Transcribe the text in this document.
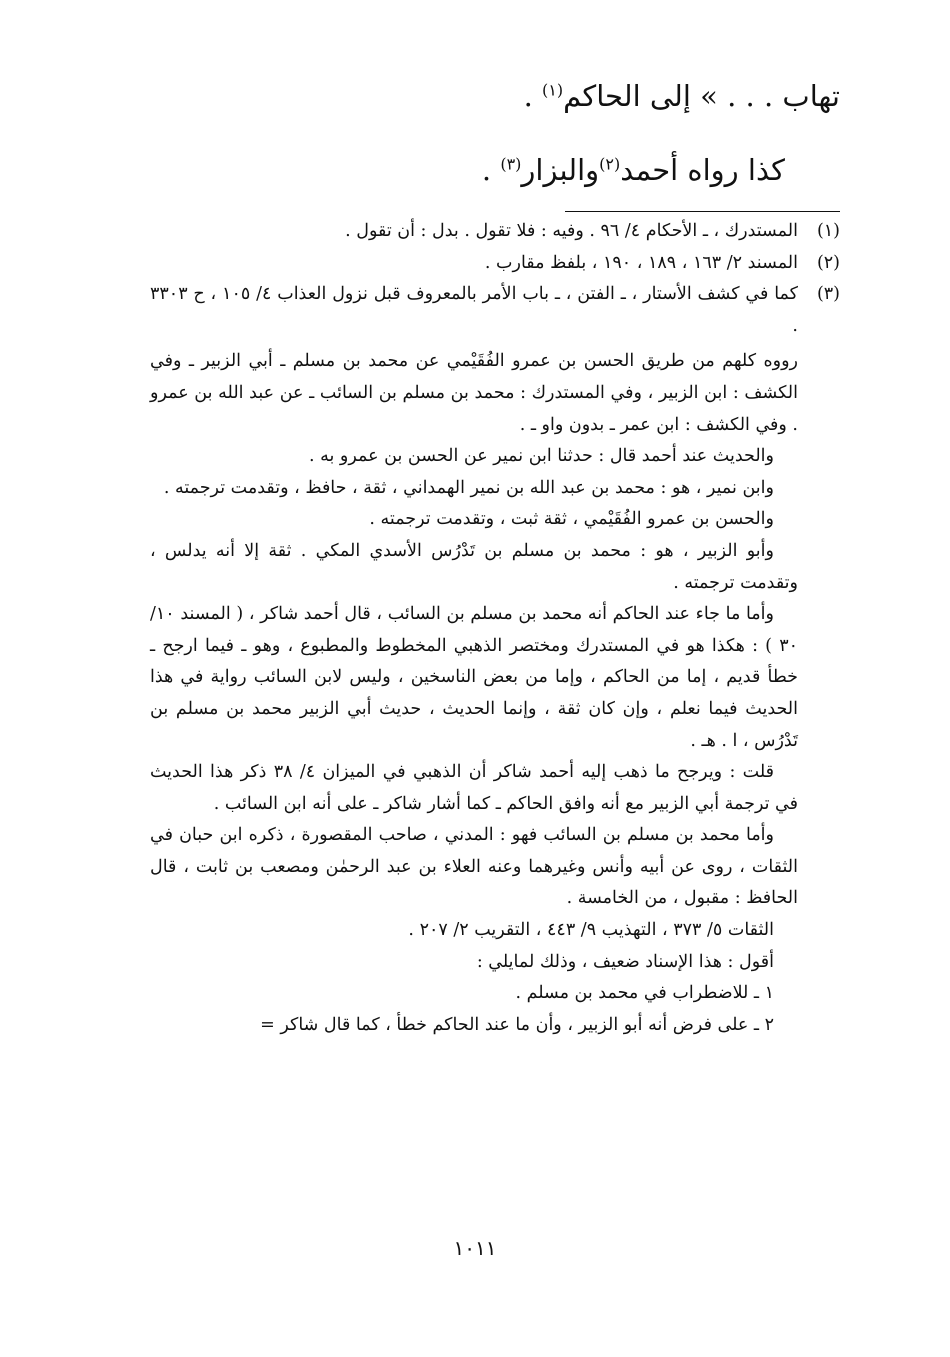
تهاب . . . » إلى الحاكم$^{(١)}$ .
كذا رواه أحمد$^{(٢)}$والبزار$^{(٣)}$ .
(١)
المستدرك ، ـ الأحكام ٤/ ٩٦ . وفيه : فلا تقول . بدل : أن تقول .
(٢)
المسند ٢/ ١٦٣ ، ١٨٩ ، ١٩٠ ، بلفظ مقارب .
(٣)
كما في كشف الأستار ، ـ الفتن ، ـ باب الأمر بالمعروف قبل نزول العذاب ٤/ ١٠٥ ، ح ٣٣٠٣ .

رووه كلهم من طريق الحسن بن عمرو الفُقَيْمي عن محمد بن مسلم ـ أبي الزبير ـ وفي الكشف : ابن الزبير ، وفي المستدرك : محمد بن مسلم بن السائب ـ عن عبد الله بن عمرو . وفي الكشف : ابن عمر ـ بدون واو ـ .

والحديث عند أحمد قال : حدثنا ابن نمير عن الحسن بن عمرو به .

وابن نمير ، هو : محمد بن عبد الله بن نمير الهمداني ، ثقة ، حافظ ، وتقدمت ترجمته .

والحسن بن عمرو الفُقَيْمي ، ثقة ثبت ، وتقدمت ترجمته .

وأبو الزبير ، هو : محمد بن مسلم بن تَدْرُس الأسدي المكي . ثقة إلا أنه يدلس ، وتقدمت ترجمته .

وأما ما جاء عند الحاكم أنه محمد بن مسلم بن السائب ، قال أحمد شاكر ، ( المسند ١٠/ ٣٠ ) : هكذا هو في المستدرك ومختصر الذهبي المخطوط والمطبوع ، وهو ـ فيما ارجح ـ خطأ قديم ، إما من الحاكم ، وإما من بعض الناسخين ، وليس لابن السائب رواية في هذا الحديث فيما نعلم ، وإن كان ثقة ، وإنما الحديث ، حديث أبي الزبير محمد بن مسلم بن تَدْرُس ، ا . هـ .

قلت : ويرجح ما ذهب إليه أحمد شاكر أن الذهبي في الميزان ٤/ ٣٨ ذكر هذا الحديث في ترجمة أبي الزبير مع أنه وافق الحاكم ـ كما أشار شاكر ـ على أنه ابن السائب .

وأما محمد بن مسلم بن السائب فهو : المدني ، صاحب المقصورة ، ذكره ابن حبان في الثقات ، روى عن أبيه وأنس وغيرهما وعنه العلاء بن عبد الرحمٰن ومصعب بن ثابت ، قال الحافظ : مقبول ، من الخامسة .

الثقات ٥/ ٣٧٣ ، التهذيب ٩/ ٤٤٣ ، التقريب ٢/ ٢٠٧ .

أقول : هذا الإسناد ضعيف ، وذلك لمايلي :

١ ـ للاضطراب في محمد بن مسلم .

٢ ـ على فرض أنه أبو الزبير ، وأن ما عند الحاكم خطأ ، كما قال شاكر =

١٠١١
